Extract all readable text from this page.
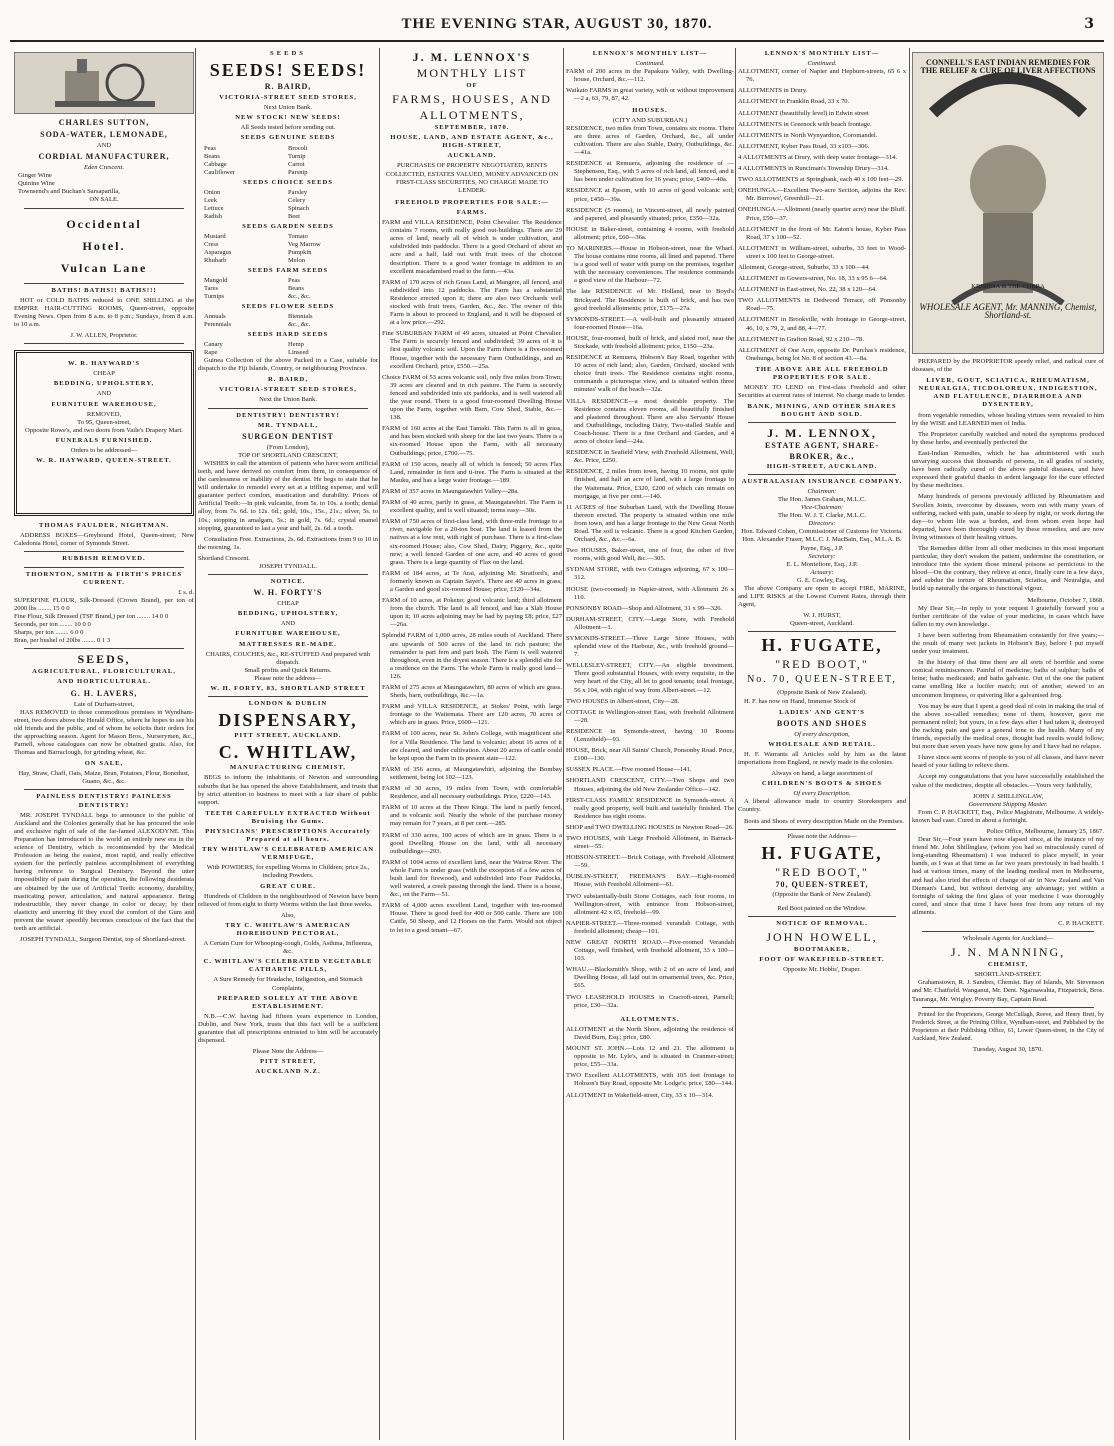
THE EVENING STAR, AUGUST 30, 1870.	3
CHARLES SUTTON,
SODA-WATER, LEMONADE,
AND
CORDIAL MANUFACTURER,
Eden Crescent.
Ginger Wine
Quinine Wine
Townsend's and Buchan's Sarsaparilla,
ON SALE.
Occidental
Hotel.
Vulcan Lane
BATHS! BATHS!! BATHS!!!

HOT or COLD BATHS reduced to ONE SHILLING at the EMPIRE HAIR-CUTTING ROOMS, Queen-street, opposite Evening News. Open from 8 a.m. to 8 p.m.; Sundays, from 8 a.m. to 10 a.m.

J. W. ALLEN, Proprietor.
W. R. HAYWARD'S
CHEAP
BEDDING, UPHOLSTERY,
AND
FURNITURE WAREHOUSE,
REMOVED,
To 95, Queen-street,
Opposite Rowe's, and two doors from Vaile's Drapery Mart.
FUNERALS FURNISHED.
Orders to be addressed—
W. R. HAYWARD, QUEEN-STREET.
THOMAS FAULDER, NIGHTMAN.

ADDRESS BOXES—Greyhound Hotel, Queen-street; New Caledonia Hotel, corner of Symonds Street.

RUBBISH REMOVED.
THORNTON, SMITH & FIRTH'S PRICES CURRENT.
£ s. d.
SUPERFINE FLOUR, Silk-Dressed (Crown Brand), per ton of 2000 lbs ........ 15 0 0
Fine Flour, Silk Dressed (TSF Brand,) per ton ........ 14 0 0
Seconds, per ton ........ 10 0 0
Sharps, per ton ........ 6 0 0
Bran, per bushel of 20lbs ........ 0 1 3
SEEDS,
AGRICULTURAL, FLORICULTURAL,
AND HORTICULTURAL.
G. H. LAVERS,
Late of Durham-street,

HAS REMOVED to those commodious premises in Wyndham-street, two doors above the Herald Office, where he hopes to see his old friends and the public, and of whom he solicits their orders for the approaching season. Agent for Mason Bros., Nurserymen, &c., Parnell, whose catalogues can now be obtained gratis. Also, for Thomas and Barraclough, for grinding wheat, &c.

ON SALE,
Hay, Straw, Chaff, Oats, Maize, Bran, Potatoes, Flour, Bonedust, Guano, &c., &c.
PAINLESS DENTISTRY! PAINLESS DENTISTRY!

MR. JOSEPH TYNDALL begs to announce to the public of Auckland and the Colonies generally that he has procured the sole and exclusive right of sale of the far-famed ALEXODYNE. This Preparation has introduced to the world an entirely new era in the science of Dentistry, which is recommended by the Medical Profession as being the easiest, most rapid, and really effective system for the perfectly painless accomplishment of everything having reference to Surgical Dentistry. Beyond the utter impossibility of pain during the operation, the following desiderata are obtained by the use of Artificial Teeth: economy, durability, masticating power, articulation, and natural appearance. Being indestructible, they never change in color or decay; by their elasticity and unerring fit they excel the comfort of the Gum and prevent the wearer speedily becomes conscious of the fact that the teeth are artificial.

JOSEPH TYNDALL, Surgeon Dentist, top of Shortland-street.

SEEDS
SEEDS! SEEDS!
R. BAIRD,
VICTORIA-STREET SEED STORES,
Next Union Bank.
NEW STOCK! NEW SEEDS!
All Seeds tested before sending out.
SEEDS GENUINE SEEDS
Peas	Brocoli
Beans	Turnip
Cabbage	Carrot
Cauliflower	Parsnip
SEEDS CHOICE SEEDS
Onion	Parsley
Leek	Celery
Lettuce	Spinach
Radish	Beet
SEEDS GARDEN SEEDS
Mustard	Tomato
Cress	Veg Marrow
Asparagus	Pumpkin
Rhubarb	Melon
SEEDS FARM SEEDS
Mangold	Peas
Tares	Beans
Turnips	&c., &c.
SEEDS FLOWER SEEDS
Annuals	Biennials
Perennials	&c., &c.
SEEDS HARD SEEDS
Canary	Hemp
Rape	Linseed

Guinea Collection of the above Packed in a Case, suitable for dispatch to the Fiji Islands, Country, or neighbouring Provinces.

R. BAIRD,
VICTORIA-STREET SEED STORES,
Next the Union Bank.
DENTISTRY! DENTISTRY!
MR. TYNDALL,
SURGEON DENTIST
(From London),
TOP OF SHORTLAND CRESCENT,

WISHES to call the attention of patients who have worn artificial teeth, and have derived no comfort from them, in consequence of the carelessness or inability of the dentist. He begs to state that he will undertake to remodel every set at a trifling expense, and will guarantee perfect comfort, mastication and durability. Prices of Artificial Teeth:—In pink vulcanite, from 5s. to 10s. a tooth; dental alloy, from 7s. 6d. to 12s. 6d.; gold, 10s., 15s., 21s.; silver, 5s. to 10s.; stopping in amalgam, 5s.; in gold, 7s. 6d.; crystal enamel stopping, guaranteed to last a year and half, 2s. 6d. a tooth.

Consultation Free. Extractions, 2s. 6d. Extractions from 9 to 10 in the morning, 1s.

Shortland Crescent.
JOSEPH TYNDALL.
NOTICE.
W. H. FORTY'S
CHEAP
BEDDING, UPHOLSTERY,
AND
FURNITURE WAREHOUSE,
MATTRESSES RE-MADE.
CHAIRS, COUCHES, &c., RE-STUFFED And prepared with dispatch.
Small profits and Quick Returns.
Please note the address—
W. H. FORTY, 83, SHORTLAND STREET
LONDON & DUBLIN
DISPENSARY,
PITT STREET, AUCKLAND.
C. WHITLAW,
MANUFACTURING CHEMIST,

BEGS to inform the inhabitants of Newton and surrounding suburbs that he has opened the above Establishment, and trusts that by strict attention to business to meet with a fair share of public support.

TEETH CAREFULLY EXTRACTED Without Bruising the Gums.
PHYSICIANS' PRESCRIPTIONS Accurately Prepared at all hours.
TRY WHITLAW'S CELEBRATED AMERICAN VERMIFUGE,
With POWDERS, for expelling Worms in Children; price 2s., including Powders.
GREAT CURE.

Hundreds of Children in the neighbourhood of Newton have been relieved of from eight to thirty Worms within the last three weeks.

Also,
TRY C. WHITLAW'S AMERICAN HOREHOUND PECTORAL,
A Certain Cure for Whooping-cough, Colds, Asthma, Influenza, &c.
C. WHITLAW'S CELEBRATED VEGETABLE CATHARTIC PILLS,
A Sure Remedy for Headache, Indigestion, and Stomach Complaints,
PREPARED SOLELY AT THE ABOVE ESTABLISHMENT.

N.B.—C.W. having had fifteen years experience in London, Dublin, and New York, trusts that this fact will be a sufficient guarantee that all prescriptions entrusted to him will be accurately dispensed.

Please Note the Address—
PITT STREET,
AUCKLAND N.Z.
J. M. LENNOX'S
MONTHLY LIST
OF
FARMS, HOUSES, AND
ALLOTMENTS,
SEPTEMBER, 1870.
HOUSE, LAND, AND ESTATE AGENT, &c., HIGH-STREET,
AUCKLAND.
PURCHASES OF PROPERTY NEGOTIATED, RENTS COLLECTED, ESTATES VALUED, MONEY ADVANCED ON FIRST-CLASS SECURITIES, NO CHARGE MADE TO LENDER.
FREEHOLD PROPERTIES FOR SALE:—
FARMS.

FARM and VILLA RESIDENCE, Point Chevalier. The Residence contains 7 rooms, with really good out-buildings. There are 29 acres of land, nearly all of which is under cultivation, and subdivided into paddocks. There is a good Orchard of about an acre and a half, laid out with fruit trees of the choicest description. There is a good water frontage in addition to an excellent macadamised road to the farm.—43a.

FARM of 170 acres of rich Grass Land, at Mangere, all fenced, and subdivided into 12 paddocks. The Farm has a substantial Residence erected upon it; there are also two Orchards well stocked with fruit trees, Garden, &c., &c. The owner of this Farm is about to proceed to England, and it will be disposed of at a low price.—292.

Fine SUBURBAN FARM of 49 acres, situated at Point Chevalier. The Farm is securely fenced and subdivided; 39 acres of it is first quality volcanic soil. Upon the Farm there is a five-roomed House, together with the necessary Farm Outbuildings, and an excellent Orchard; price, £550.—25a.

Choice FARM of 53 acres volcanic soil, only five miles from Town; 39 acres are cleared and in rich pasture. The Farm is securely fenced and subdivided into six paddocks, and is well watered all the year round. There is a good four-roomed Dwelling House upon the Farm, together with Barn, Cow Shed, Stable, &c.—138.

FARM of 160 acres at the East Tamaki. This Farm is all in grass, and has been stocked with sheep for the last two years. There is a six-roomed House upon the Farm, with all necessary Outbuildings; price, £700.—75.

FARM of 150 acres, nearly all of which is fenced; 50 acres Flax Land, remainder in fern and ti-tree. The Farm is situated at the Mauku, and has a large water frontage.—189.

FARM of 357 acres in Maungatawhiri Valley—28a.

FARM of 40 acres, partly in grass, at Maungatawhiri. The Farm is excellent quality, and is well situated; terms easy—30s.

FARM of 750 acres of first-class land, with three-mile frontage to a river, navigable for a 20-ton boat. The land is leased from the natives at a low rent, with right of purchase. There is a first-class six-roomed House; also, Cow Shed, Dairy, Piggery, &c., quite new; a well fenced Garden of one acre, and 40 acres of good grass. There is a large quantity of Flax on the land.

FARM of 184 acres, at Te Arai, adjoining Mr. Stratford's, and formerly known as Captain Sayer's. There are 40 acres in grass; a Garden and good six-roomed House; price, £120—34a.

FARM of 10 acres, at Pokeno; good volcanic land; third allotment from the church. The land is all fenced, and has a Slab House upon it; 10 acres adjoining may be had by paying £8; price, £27—26a.

Splendid FARM of 1,000 acres, 28 miles south of Auckland. There are upwards of 500 acres of the land in rich pasture; the remainder is part fern and part bush. The Farm is well watered throughout, even in the dryest season. There is a splendid site for a residence on the Farm. The whole Farm is really good land—126.

FARM of 275 acres at Maungatawhiri, 80 acres of which are grass. Sheds, barn, outbuildings, &c.—1a.

FARM and VILLA RESIDENCE, at Stokes' Point, with large frontage to the Waitemata. There are 120 acres, 70 acres of which are in grass. Price, £600—121.

FARM of 100 acres, near St. John's College, with magnificent site for a Villa Residence. The land is volcanic; about 16 acres of it are cleared, and under cultivation. About 20 acres of cattle could be kept upon the Farm in its present state—122.

FARM of 356 acres, at Maungatawhiri, adjoining the Bombay settlement, being lot 102—123.

FARM of 30 acres, 19 miles from Town, with comfortable Residence, and all necessary outbuildings. Price, £220—143.

FARM of 10 acres at the Three Kings. The land is partly fenced, and is volcanic soil. Nearly the whole of the purchase money may remain for 7 years, at 8 per cent.—285.

FARM of 330 acres, 100 acres of which are in grass. There is a good Dwelling House on the land, with all necessary outbuildings—293.

FARM of 1004 acres of excellent land, near the Wairoa River. The whole Farm is under grass (with the exception of a few acres of bush land for firewood), and subdivided into Four Paddocks, well watered, a creek passing through the land. There is a house, &c., on the Farm—51.

FARM of 4,000 acres excellent Land, together with ten-roomed House. There is good feed for 400 or 500 cattle. There are 100 Cattle, 50 Sheep, and 12 Horses on the Farm. Would not object to let to a good tenant—67.

LENNOX'S MONTHLY LIST—
Continued.

FARM of 200 acres in the Papakura Valley, with Dwelling-house, Orchard, &c.—112.

Waikato FARMS in great variety, with or without improvement—2 a, 63, 79, 87, 42.

HOUSES.
(CITY AND SUBURBAN.)

RESIDENCE, two miles from Town, contains six rooms. There are three acres of Garden, Orchard, &c., all under cultivation. There are also Stable, Dairy, Outbuildings, &c.—41a.

RESIDENCE at Remuera, adjoining the residence of — Stephenson, Esq., with 5 acres of rich land, all fenced, and it has been under cultivation for 16 years; price, £400—40a.

RESIDENCE at Epsom, with 10 acres of good volcanic soil; price, £450—39a.

RESIDENCE (5 rooms), in Vincent-street, all newly painted and papered, and pleasantly situated; price, £350—32a.

HOUSE in Baker-street, containing 4 rooms, with freehold allotment; price, £60—36a.

TO MARINERS.—House in Hobson-street, near the Wharf. The house contains nine rooms, all lined and papered. There is a good well of water with pump on the premises, together with the necessary conveniences. The residence commands a good view of the Harbour—72.

The late RESIDENCE of Mr. Holland, near to Boyd's Brickyard. The Residence is built of brick, and has two good freehold allotments; price, £175—27a.

SYMONDS-STREET.—A well-built and pleasantly situated four-roomed House—16a.

HOUSE, four-roomed, built of brick, and slated roof, near the Stockade, with freehold allotment; price, £150—23a.

RESIDENCE at Remuera, Hobson's Bay Road, together with 10 acres of rich land; also, Garden, Orchard, stocked with choice fruit trees. The Residence contains eight rooms, commands a picturesque view, and is situated within three minutes' walk of the beach—32a.

VILLA RESIDENCE—a most desirable property. The Residence contains eleven rooms, all beautifully finished and plastered throughout. There are also Servants' House and Outbuildings, including Dairy, Two-stalled Stable and Coach-house. There is a fine Orchard and Garden, and 4 acres of choice land—24a.

RESIDENCE in Seafield View, with Freehold Allotment, Well, &c. Price, £250.

RESIDENCE, 2 miles from town, having 10 rooms, not quite finished, and half an acre of land, with a large frontage to the Waitemata. Price, £320, £200 of which can remain on mortgage, at five per cent.—140.

11 ACRES of fine Suburban Land, with the Dwelling House thereon erected. The property is situated within one mile from town, and has a large frontage to the New Great North Road. The soil is volcanic. There is a good Kitchen Garden, Orchard, &c., &c.—6a.

Two HOUSES, Baker-street, one of four, the other of five rooms, with good Well, &c.—305.

SYDNAM STORE, with two Cottages adjoining, 67 x 100—312.

HOUSE (two-roomed) in Napier-street, with Allotment 26 x 110.

PONSONBY ROAD—Shop and Allotment, 31 x 99—326.

DURHAM-STREET, CITY.—Large Store, with Freehold Allotment—1.

SYMONDS-STREET.—Three Large Store Houses, with splendid view of the Harbour, &c., with freehold ground—7.

WELLESLEY-STREET, CITY.—An eligible investment. Three good substantial Houses, with every requisite, in the very heart of the City, all let to good tenants; total frontage, 56 x 104, with right of way from Albert-street.—12.

TWO HOUSES in Albert-street, City—28.

COTTAGE in Wellington-street East, with freehold Allotment—28.

RESIDENCE in Symonds-street, having 10 Rooms (Lenzeheld)—93.

HOUSE, Brick, near All Saints' Church, Ponsonby Road. Price, £100—130.

SUSSEX PLACE.—Five roomed House—141.

SHORTLAND CRESCENT, CITY.—Two Shops and two Houses, adjoining the old New Zealander Office—142.

FIRST-CLASS FAMILY RESIDENCE in Symonds-street. A really good property, well built and tastefully finished. The Residence has eight rooms.

SHOP and TWO DWELLING HOUSES in Newton Road—26.

TWO HOUSES, with Large Freehold Allotment, in Barrack-street—55.

HOBSON-STREET.—Brick Cottage, with Freehold Allotment—59.

DUBLIN-STREET, FREEMAN'S BAY.—Eight-roomed House, with Freehold Allotment—61.

TWO substantially-built Stone Cottages, each four rooms, in Wellington-street, with entrance from Hobson-street, allotment 42 x 65, freehold—99.

NAPIER-STREET.—Three-roomed verandah Cottage, with freehold allotment; cheap—101.

NEW GREAT NORTH ROAD.—Five-roomed Verandah Cottage, well finished, with freehold allotment, 33 x 100—103.

WHAU.—Blacksmith's Shop, with 2 of an acre of land, and Dwelling House, all laid out in ornamental trees, &c. Price, £65.

TWO LEASEHOLD HOUSES in Cracroft-street, Parnell; price, £30—32a.

ALLOTMENTS.

ALLOTMENT at the North Shore, adjoining the residence of David Burn, Esq.; price, £80.

MOUNT ST. JOHN.—Lots 12 and 21. The allotment is opposite to Mr. Lyle's, and is situated in Cranmer-street; price, £55—33a.

TWO Excellent ALLOTMENTS, with 105 feet frontage to Hobson's Bay Road, opposite Mr. Lodge's; price, £80—144.

ALLOTMENT in Wakefield-street, City, 33 x 10—314.

LENNOX'S MONTHLY LIST—
Continued.

ALLOTMENT, corner of Napier and Hepburn-streets, 65 6 x 76.

ALLOTMENTS in Drury.

ALLOTMENT in Franklin Road, 33 x 70.

ALLOTMENT (beautifully level) in Edwin street

ALLOTMENTS in Greenock with beach frontage.

ALLOTMENTS in North Wynyardton, Coromandel.

ALLOTMENT, Kyber Pass Road, 33 x103—306.

4 ALLOTMENTS at Drury, with deep water frontage—314.

4 ALLOTMENTS in Runciman's Township Drury—314.

TWO ALLOTMENTS at Springbank, each 40 x 100 feet—29.

ONEHUNGA.—Excellent Two-acre Section, adjoins the Rev. Mr. Burrows', Greenhill—21.

ONEHUNGA.—Allotment (nearly quarter acre) near the Bluff. Price, £50—37.

ALLOTMENT in the front of Mr. Eaton's house, Kyber Pass Road, 37 x 100—52.

ALLOTMENT in William-street, suburbs, 33 feet to Wood-street x 100 feet to George-street.

Allotment, George-street, Suburbs, 33 x 100—44.

ALLOTMENT in Gowers-street, No. 18, 33 x 95 6—64.

ALLOTMENT in East-street, No. 22, 38 x 120—64.

TWO ALLOTMENTS in Dedwood Terrace, off Ponsonby Road—75.

ALLOTMENT in Brookville, with frontage to George-street, 46, 10, x 79, 2, and 88, 4—77.

ALLOTMENT in Grafton Road, 92 x 210—78.

ALLOTMENT of One Acre, opposite Dr. Purchas's residence, Onehunga, being lot No. 8 of section 43.—8a.

THE ABOVE ARE ALL FREEHOLD PROPERTIES FOR SALE.

MONEY TO LEND on First-class Freehold and other Securities at current rates of interest. No charge made to lender.

BANK, MINING, AND OTHER SHARES BOUGHT AND SOLD.
J. M. LENNOX,
ESTATE AGENT, SHARE-
BROKER, &c.,
HIGH-STREET, AUCKLAND.
AUSTRALASIAN INSURANCE COMPANY.
Chairman:
The Hon. James Graham, M.L.C.
Vice-Chairman:
The Hon. W. J. T. Clarke, M.L.C.
Directors:
Hon. Edward Cohen, Commissioner of Customs for Victoria. Hon. Alexander Fraser, M.L.C. J. MacBain, Esq., M.L.A. B. Payne, Esq., J.P.
Secretary:
E. L. Montefiore, Esq., J.P.
Actuary:
G. E. Cowley, Esq.

The above Company are open to accept FIRE, MARINE, and LIFE RISKS at the Lowest Current Rates, through their Agent,

W. J. HURST,
Queen-street, Auckland.
H. FUGATE,
"RED BOOT,"
No. 70, QUEEN-STREET,
(Opposite Bank of New Zealand).

H. F. has now on Hand, Immense Stock of

LADIES' AND GENT'S
BOOTS AND SHOES
Of every description,
WHOLESALE AND RETAIL.

H. F. Warrants all Articles sold by him as the latest importations from England, or newly made in the colonies.

Always on hand, a large assortment of
CHILDREN'S BOOTS & SHOES
Of every Description.

A liberal allowance made to country Storekeepers and Country.

Boots and Shoes of every description Made on the Premises.

Please note the Address—
H. FUGATE,
"RED BOOT,"
70, QUEEN-STREET,
(Opposite the Bank of New Zealand).
Red Boot painted on the Window.
NOTICE OF REMOVAL.
JOHN HOWELL,
BOOTMAKER,
FOOT OF WAKEFIELD-STREET.
Opposite Mr. Hobbs', Draper.
CONNELL'S EAST INDIAN REMEDIES FOR THE RELIEF & CURE OF LIVER AFFECTIONS
KRISHNA & THE COBRA
WHOLESALE AGENT, Mr. MANNING, Chemist, Shortland-st.

PREPARED by the PROPRIETOR speedy relief, and radical cure of diseases, of the

LIVER, GOUT, SCIATICA, RHEUMATISM, NEURALGIA, TICDOLOREUX, INDIGESTION, AND FLATULENCE, DIARRHOEA AND DYSENTERY,

from vegetable remedies, whose healing virtues were revealed to him by the WISE and LEARNED men of India.

The Proprietor carefully watched and noted the symptoms produced by these herbs, and eventually perfected the

East-Indian Remedies, which he has administered with such unvarying success that thousands of persons, in all grades of society, have been radically cured of the above painful diseases, and have expressed their grateful thanks in ardent language for the cure effected by these medicines.

Many hundreds of persons previously afflicted by Rheumatism and Swollen Joints, overcome by diseases, worn out with many years of suffering, racked with pain, unable to sleep by night, or work during the day—to whom life was a burden, and from whom even hope had departed, have been thoroughly cured by these remedies, and are now living witnesses of their healing virtues.

The Remedies differ from all other medicines in this most important particular, they don't weaken the patient, undermine the constitution, or introduce into the system those mineral poisons so pernicious to the blood—On the contrary, they relieve at once, finally cure in a few days, and subdue the torture of Rheumatism, Sciatica, and Neuralgia, and build up naturally the organs to functional vigour.

Melbourne, October 7, 1868.

My Dear Sir,—In reply to your request I gratefully forward you a further certificate of the value of your medicine, in cases which have fallen to my own knowledge.

I have been suffering from Rheumatism constantly for five years;—the result of many wet jackets in Hobson's Bay, before I put myself under your treatment.

In the history of that time there are all sorts of horrible and some comical reminiscences. Painful of medicine; baths of sulphur; baths of brine; baths medicated; and baths galvanic. Out of the one the patient came smelling like a lucifer match; out of another, stewed to an uncommon limpness, or quivering like a galvanised frog.

You may be sure that I spent a good deal of coin in making the trial of the above so-called remedies; none of them, however, gave me permanent relief; but yours, in a few days after I had taken it, destroyed the racking pain and gave a general tone to the health. Many of my friends, especially the medical ones, thought bad results would follow; but more than seven years have now gone by and I have had no relapse.

I have since sent scores of people to you of all classes, and have never heard of your failing to relieve them.

Accept my congratulations that you have successfully established the value of the medicines, despite all obstacles.—Yours very faithfully,

JOHN J. SHILLINGLAW,
Government Shipping Master.

From C. P. HACKETT, Esq., Police Magistrate, Melbourne. A widely-known bad case. Cured in about a fortnight.

Police Office, Melbourne, January 25, 1867.

Dear Sir,—Four years have now elapsed since, at the instance of my friend Mr. John Shillinglaw, (whom you had so miraculously cured of long-standing Rheumatism) I was induced to place myself, in your hands, as I was at that time as far two years previously in bad health. I had at various times, many of the leading medical men in Melbourne, and had also tried the effects of change of air in New Zealand and Van Dieman's Land, but without deriving any advantage; yet within a fortnight of taking the first glass of your medicine I was thoroughly cured, and since that time I have been free from any return of my ailments.

C. P. HACKETT.
Wholesale Agents for Auckland—
J. N. MANNING,
CHEMIST,
SHORTLAND-STREET.

Grahamstown, R. J. Sandres, Chemist. Bay of Islands, Mr. Stevenson and Mr. Chatfield. Wanganui, Mr. Dent. Ngaruawahia, Fitzpatrick, Bros. Tauranga, Mr. Wrigley. Poverty Bay, Captain Read.

Printed for the Proprietors, George McCullagh, Reeve, and Henry Brett, by Frederick Street, at the Printing Office, Wyndham-street, and Published by the Proprietors at their Publishing Office, 61, Lower Queen-street, in the City of Auckland, New Zealand.

Tuesday, August 30, 1870.
